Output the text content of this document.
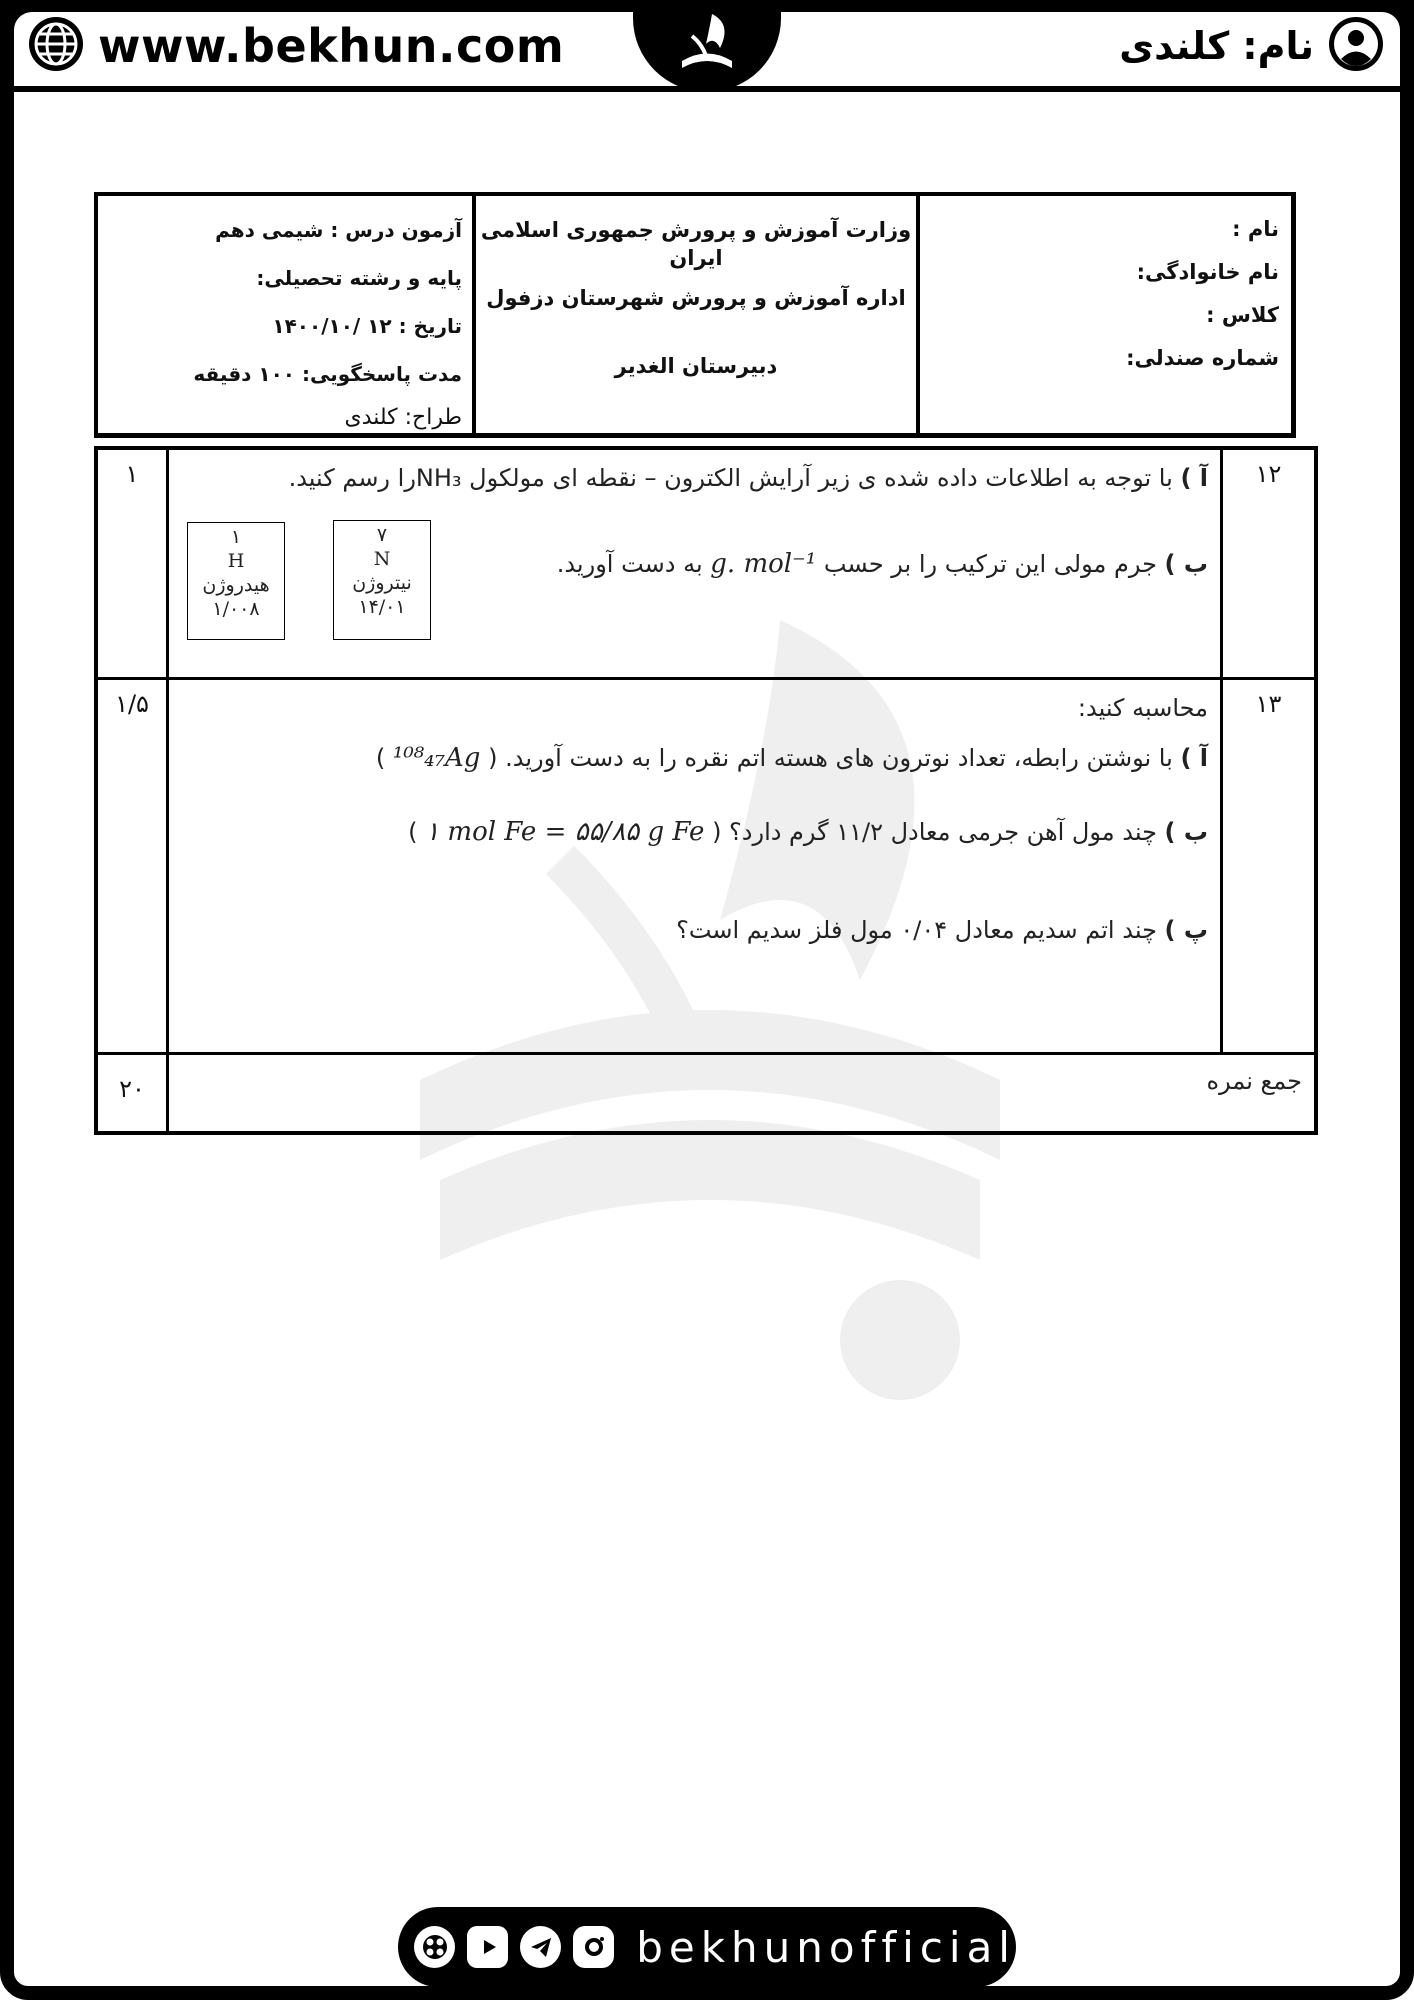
www.bekhun.com	نام: کلندی
آزمون درس : شیمی دهم
پایه و رشته تحصیلی:
تاریخ : ۱۲ /۱۴۰۰/۱۰
مدت پاسخگویی: ۱۰۰ دقیقه
طراح: کلندی
وزارت آموزش و پرورش جمهوری اسلامی ایران
اداره آموزش و پرورش شهرستان دزفول
دبیرستان الغدیر
نام :
نام خانوادگی:
کلاس :
شماره صندلی:
۱۲
آ ) با توجه به اطلاعات داده شده ی زیر آرایش الکترون – نقطه ای مولکول NH₃را رسم کنید.
ب ) جرم مولی این ترکیب را بر حسب g. mol⁻¹ به دست آورید.
۷
N
نیتروژن
۱۴/۰۱
۱
H
هیدروژن
۱/۰۰۸
۱
۱۳
محاسبه کنید:
آ ) با نوشتن رابطه، تعداد نوترون های هسته اتم نقره را به دست آورید. ( ¹⁰⁸₄₇Ag )
ب ) چند مول آهن جرمی معادل ۱۱/۲ گرم دارد؟ ( ۱ mol Fe = ۵۵/۸۵ g Fe )
پ ) چند اتم سدیم معادل ۰/۰۴ مول فلز سدیم است؟
۱/۵
جمع نمره
۲۰
bekhunofficial
